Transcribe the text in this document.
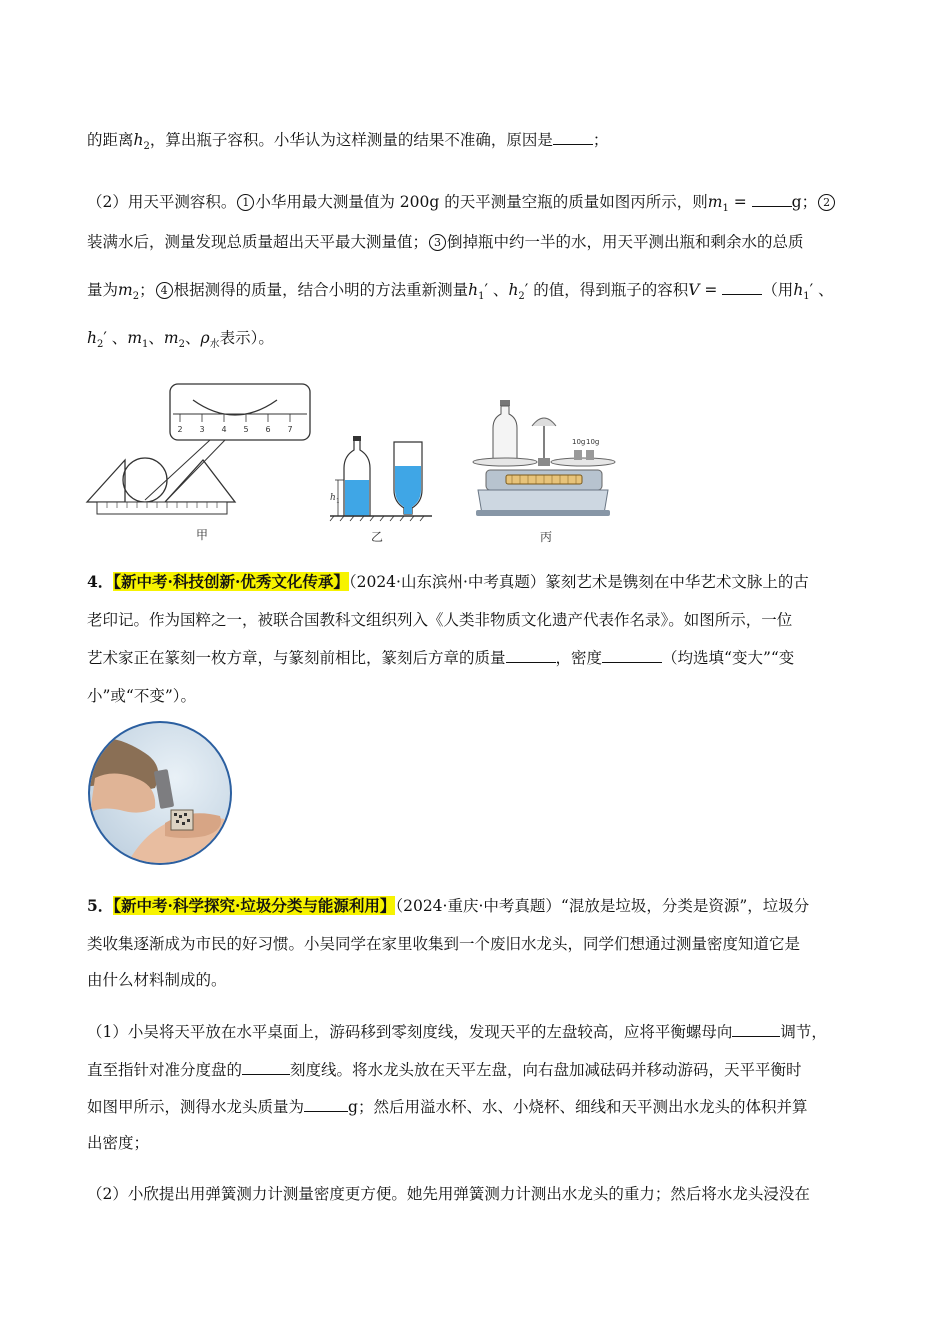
的距离$h_2$，算出瓶子容积。小华认为这样测量的结果不准确，原因是	；
（2）用天平测容积。 1 小华用最大测量值为 200g 的天平测量空瓶的质量如图丙所示，则$m_1$ =	g； 2
装满水后，测量发现总质量超出天平最大测量值； 3 倒掉瓶中约一半的水，用天平测出瓶和剩余水的总质
量为$m_2$； 4 根据测得的质量，结合小明的方法重新测量$h_1'$ 、$h_2'$ 的值，得到瓶子的容积V =	（用$h_1'$ 、
$h_2'$ 、$m_1$、$m_2$、$\rho_水$表示）。
2 3 4 5 6 7
甲
h 1
乙
10g 10g
丙
4．【新中考·科技创新·优秀文化传承】（2024·山东滨州·中考真题）篆刻艺术是镌刻在中华艺术文脉上的古
老印记。作为国粹之一，被联合国教科文组织列入《人类非物质文化遗产代表作名录》。如图所示，一位
艺术家正在篆刻一枚方章，与篆刻前相比，篆刻后方章的质量	，密度	（均选填“变大”“变
小”或“不变”）。
5．【新中考·科学探究·垃圾分类与能源利用】（2024·重庆·中考真题）“混放是垃圾，分类是资源”，垃圾分
类收集逐渐成为市民的好习惯。小吴同学在家里收集到一个废旧水龙头，同学们想通过测量密度知道它是
由什么材料制成的。
（1）小吴将天平放在水平桌面上，游码移到零刻度线，发现天平的左盘较高，应将平衡螺母向	调节，
直至指针对准分度盘的	刻度线。将水龙头放在天平左盘，向右盘加减砝码并移动游码，天平平衡时
如图甲所示，测得水龙头质量为	g；然后用溢水杯、水、小烧杯、细线和天平测出水龙头的体积并算
出密度；
（2）小欣提出用弹簧测力计测量密度更方便。她先用弹簧测力计测出水龙头的重力；然后将水龙头浸没在
